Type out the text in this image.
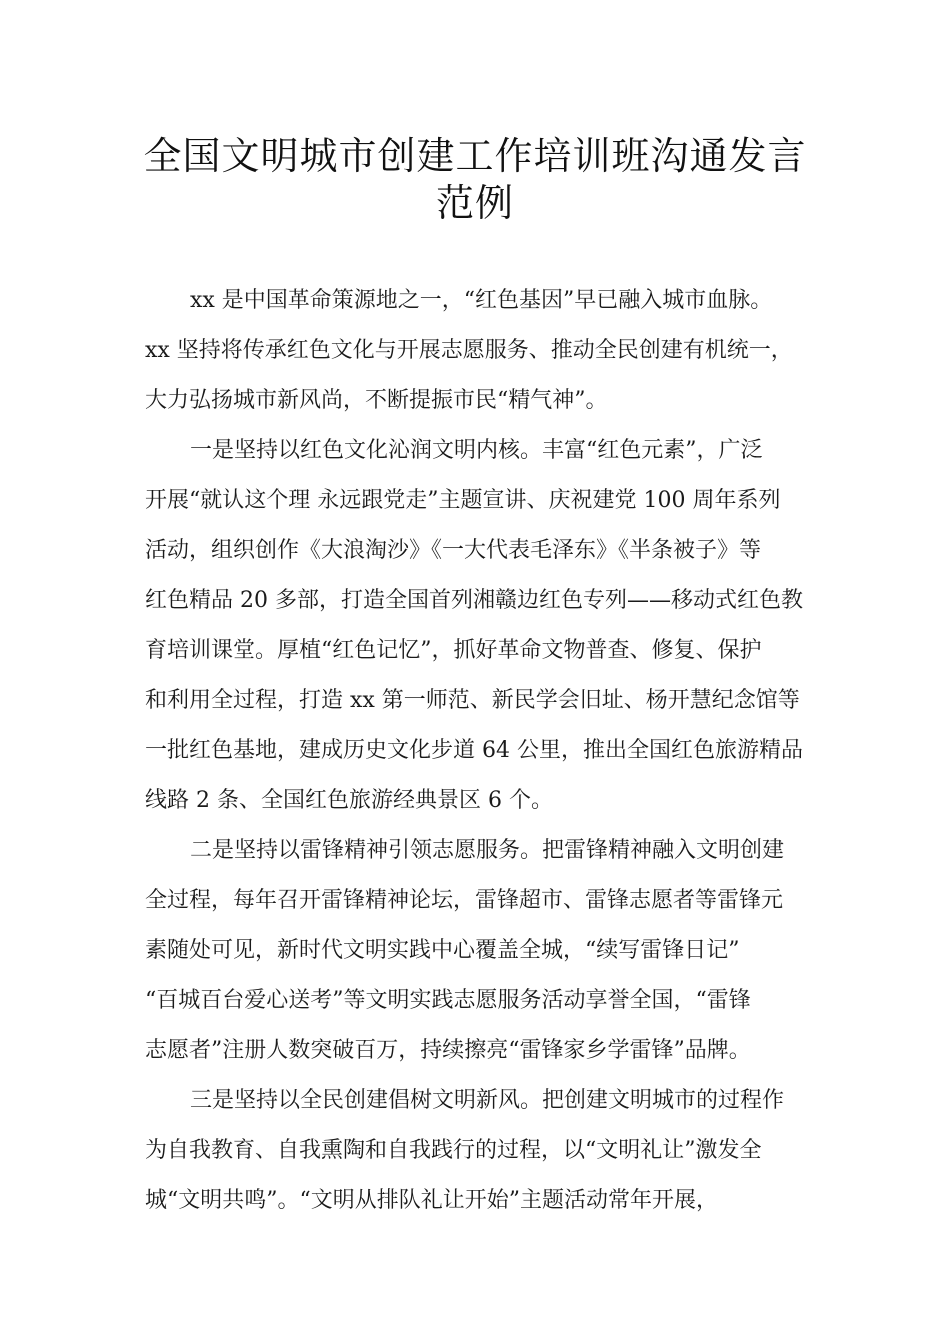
全国文明城市创建工作培训班沟通发言
范例
xx 是中国革命策源地之一，“红色基因”早已融入城市血脉。
xx 坚持将传承红色文化与开展志愿服务、推动全民创建有机统一，
大力弘扬城市新风尚，不断提振市民“精气神”。
一是坚持以红色文化沁润文明内核。丰富“红色元素”，广泛
开展“就认这个理 永远跟党走”主题宣讲、庆祝建党 100 周年系列
活动，组织创作《大浪淘沙》《一大代表毛泽东》《半条被子》等
红色精品 20 多部，打造全国首列湘赣边红色专列——移动式红色教
育培训课堂。厚植“红色记忆”，抓好革命文物普查、修复、保护
和利用全过程，打造 xx 第一师范、新民学会旧址、杨开慧纪念馆等
一批红色基地，建成历史文化步道 64 公里，推出全国红色旅游精品
线路 2 条、全国红色旅游经典景区 6 个。
二是坚持以雷锋精神引领志愿服务。把雷锋精神融入文明创建
全过程，每年召开雷锋精神论坛，雷锋超市、雷锋志愿者等雷锋元
素随处可见，新时代文明实践中心覆盖全城，“续写雷锋日记”
“百城百台爱心送考”等文明实践志愿服务活动享誉全国，“雷锋
志愿者”注册人数突破百万，持续擦亮“雷锋家乡学雷锋”品牌。
三是坚持以全民创建倡树文明新风。把创建文明城市的过程作
为自我教育、自我熏陶和自我践行的过程，以“文明礼让”激发全
城“文明共鸣”。“文明从排队礼让开始”主题活动常年开展，
